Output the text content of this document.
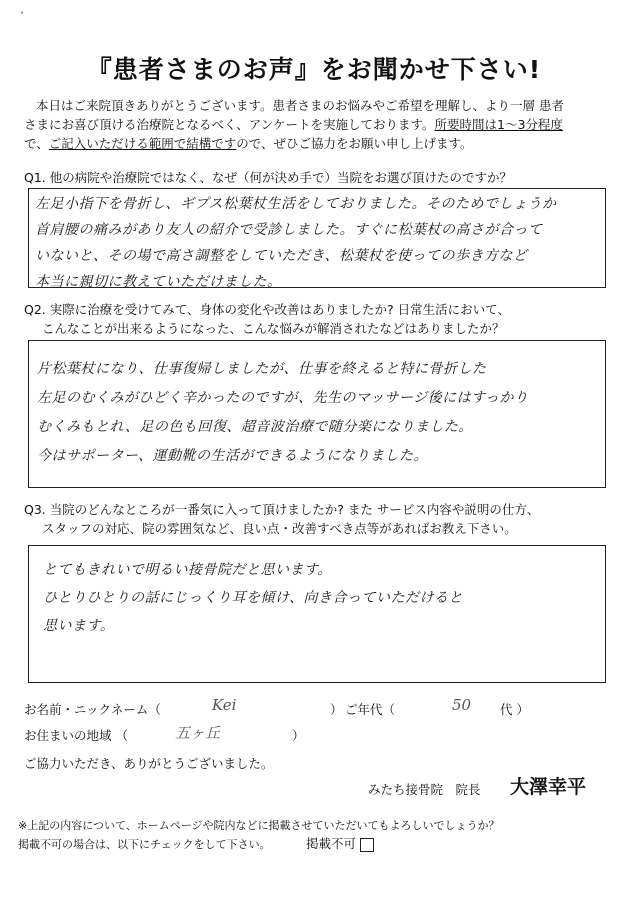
・
『患者さまのお声』をお聞かせ下さい!
本日はご来院頂きありがとうございます。患者さまのお悩みやご希望を理解し、より一層 患者
さまにお喜び頂ける治療院となるべく、アンケートを実施しております。所要時間は1～3分程度
で、ご記入いただける範囲で結構ですので、ぜひご協力をお願い申し上げます。
Q1. 他の病院や治療院ではなく、なぜ（何が決め手で）当院をお選び頂けたのですか？
左足小指下を骨折し、ギプス松葉杖生活をしておりました。そのためでしょうか
首肩腰の痛みがあり友人の紹介で受診しました。すぐに松葉杖の高さが合って
いないと、その場で高さ調整をしていただき、松葉杖を使っての歩き方など
本当に親切に教えていただけました。
Q2. 実際に治療を受けてみて、身体の変化や改善はありましたか? 日常生活において、
こんなことが出来るようになった、こんな悩みが解消されたなどはありましたか？
片松葉杖になり、仕事復帰しましたが、仕事を終えると特に骨折した
左足のむくみがひどく辛かったのですが、先生のマッサージ後にはすっかり
むくみもとれ、足の色も回復、超音波治療で随分楽になりました。
今はサポーター、運動靴の生活ができるようになりました。
Q3. 当院のどんなところが一番気に入って頂けましたか? また サービス内容や説明の仕方、
スタッフの対応、院の雰囲気など、良い点・改善すべき点等があればお教え下さい。
とてもきれいで明るい接骨院だと思います。
ひとりひとりの話にじっくり耳を傾け、向き合っていただけると
思います。
お名前・ニックネーム（	Kei	） ご年代（	50 代 ）
お住まいの地域 （	五ヶ丘	）
ご協力いただき、ありがとうございました。
みたち接骨院　院長 大澤幸平
※上記の内容について、ホームページや院内などに掲載させていただいてもよろしいでしょうか？
掲載不可の場合は、以下にチェックをして下さい。	掲載不可
